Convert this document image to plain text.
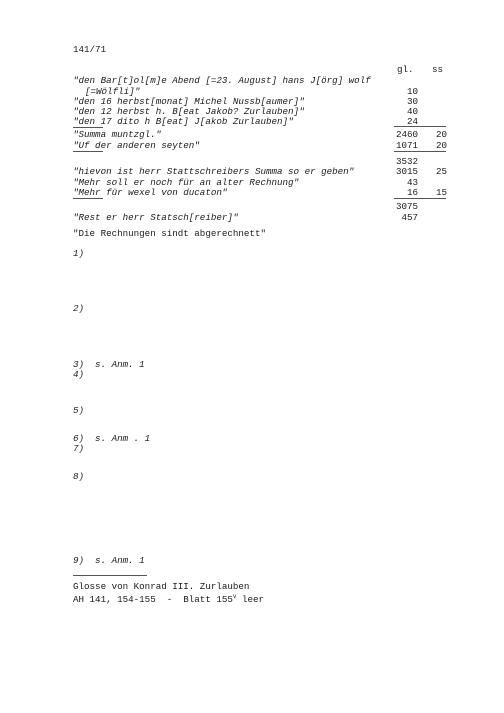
141/71
gl. ss
"den Bar[t]ol[m]e Abend [=23. August] hans J[örg] wolf
[=Wölfli]"	10
"den 16 herbst[monat] Michel Nussb[aumer]"	30
"den 12 herbst h. B[eat Jakob? Zurlauben]"	40
"den 17 dito h B[eat] J[akob Zurlauben]"	24
"Summa muntzgl."	2460 20
"Uf der anderen seyten"	1071 20
3532
"hievon ist herr Stattschreibers Summa so er geben"	3015 25
"Mehr soll er noch für an alter Rechnung"	43
"Mehr für wexel von ducaton"	16 15
3075
"Rest er herr Statsch[reiber]"	457
"Die Rechnungen sindt abgerechnett"
1)
2)
3)  s. Anm. 1
4)
5)
6)  s. Anm . 1
7)
8)
9)  s. Anm. 1
Glosse von Konrad III. Zurlauben
AH 141, 154-155  -  Blatt 155$^v$ leer
